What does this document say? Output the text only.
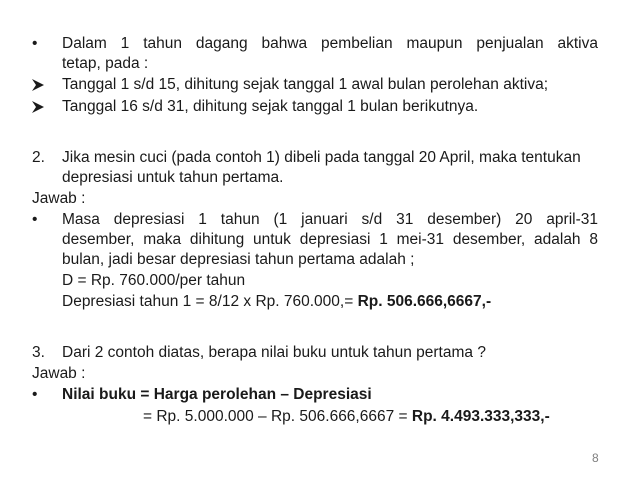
• Dalam 1 tahun dagang bahwa pembelian maupun penjualan aktiva
tetap, pada :
Tanggal 1 s/d 15, dihitung sejak tanggal 1 awal bulan perolehan aktiva;
Tanggal 16 s/d 31, dihitung sejak tanggal 1 bulan berikutnya.
2. Jika mesin cuci (pada contoh 1) dibeli pada tanggal 20 April, maka tentukan
depresiasi untuk tahun pertama.
Jawab :
• Masa depresiasi 1 tahun (1 januari s/d 31 desember) 20 april-31
desember, maka dihitung untuk depresiasi 1 mei-31 desember, adalah 8
bulan, jadi besar depresiasi tahun pertama adalah ;
D = Rp. 760.000/per tahun
Depresiasi tahun 1 = 8/12 x Rp. 760.000,= Rp. 506.666,6667,-
3. Dari 2 contoh diatas, berapa nilai buku untuk tahun pertama ?
Jawab :
• Nilai buku = Harga perolehan – Depresiasi
= Rp. 5.000.000 – Rp. 506.666,6667 = Rp. 4.493.333,333,-
8
